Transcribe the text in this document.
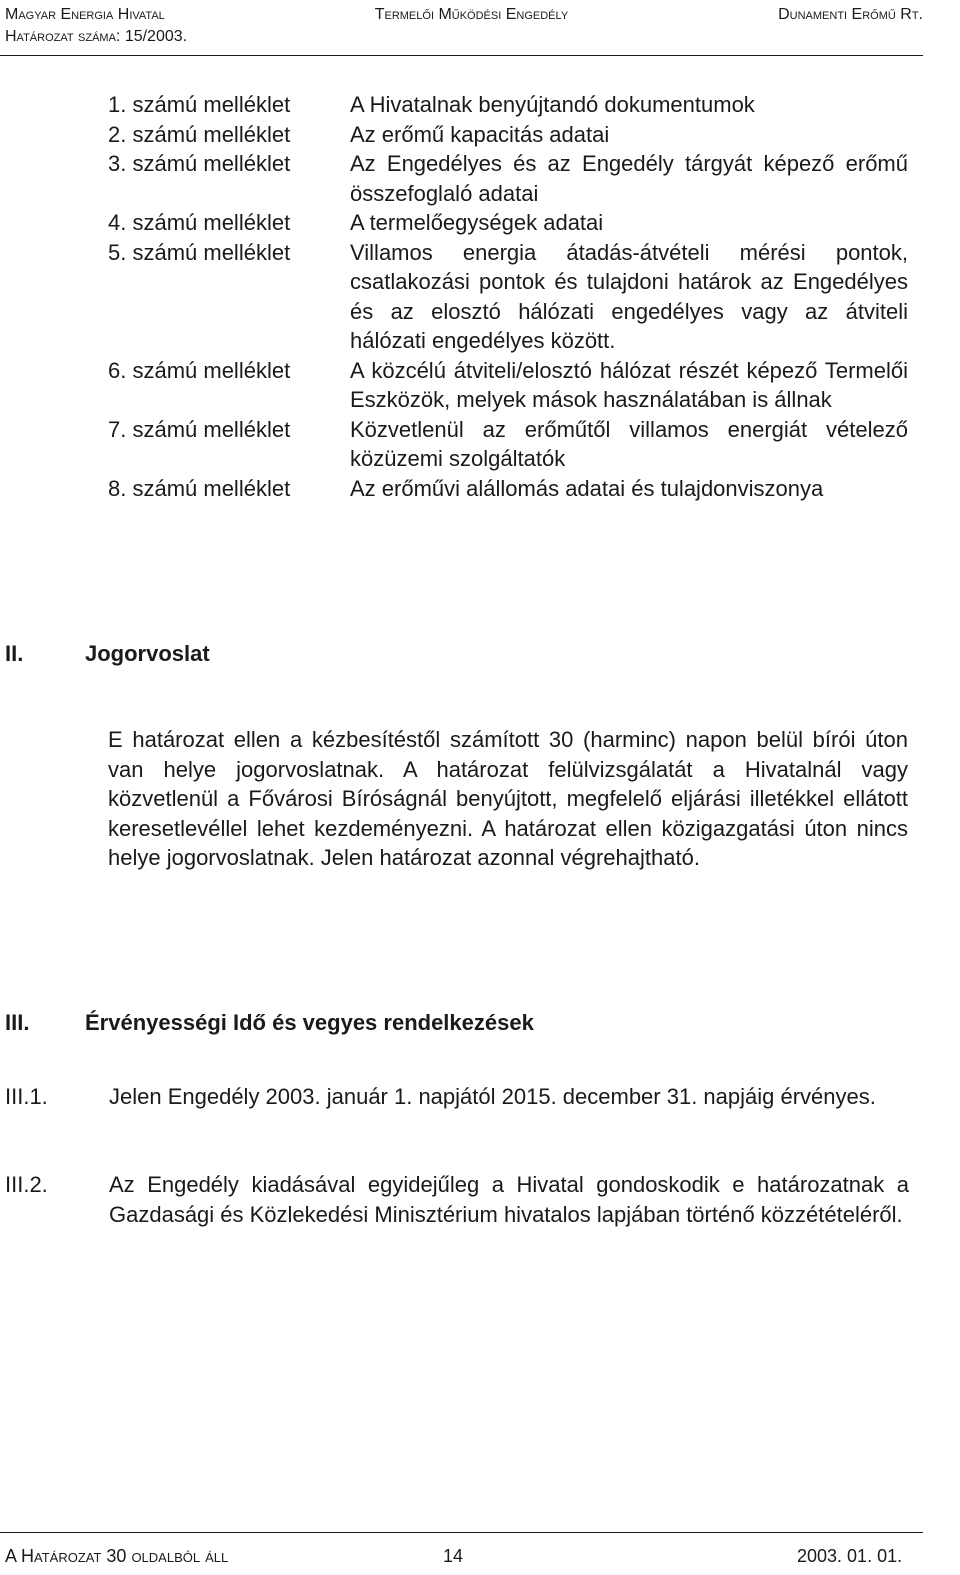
Magyar Energia Hivatal	Termelői Működési Engedély	Dunamenti Erőmű Rt.
Határozat száma: 15/2003.
1. számú melléklet	A Hivatalnak benyújtandó dokumentumok
2. számú melléklet	Az erőmű kapacitás adatai
3. számú melléklet	Az Engedélyes és az Engedély tárgyát képező erőmű összefoglaló adatai
4. számú melléklet	A termelőegységek adatai
5. számú melléklet	Villamos energia átadás-átvételi mérési pontok, csatlakozási pontok és tulajdoni határok az Engedélyes és az elosztó hálózati engedélyes vagy az átviteli hálózati engedélyes között.
6. számú melléklet	A közcélú átviteli/elosztó hálózat részét képező Termelői Eszközök, melyek mások használatában is állnak
7. számú melléklet	Közvetlenül az erőműtől villamos energiát vételező közüzemi szolgáltatók
8. számú melléklet	Az erőművi alállomás adatai és tulajdonviszonya
II.	Jogorvoslat
E határozat ellen a kézbesítéstől számított 30 (harminc) napon belül bírói úton van helye jogorvoslatnak. A határozat felülvizsgálatát a Hivatalnál vagy közvetlenül a Fővárosi Bíróságnál benyújtott, megfelelő eljárási illetékkel ellátott keresetlevéllel lehet kezdeményezni. A határozat ellen közigazgatási úton nincs helye jogorvoslatnak. Jelen határozat azonnal végrehajtható.
III.	Érvényességi Idő és vegyes rendelkezések
III.1.	Jelen Engedély 2003. január 1. napjától 2015. december 31. napjáig érvényes.
III.2.	Az Engedély kiadásával egyidejűleg a Hivatal gondoskodik e határozatnak a Gazdasági és Közlekedési Minisztérium hivatalos lapjában történő közzétételéről.
A Határozat 30 oldalból áll	14	2003. 01. 01.
